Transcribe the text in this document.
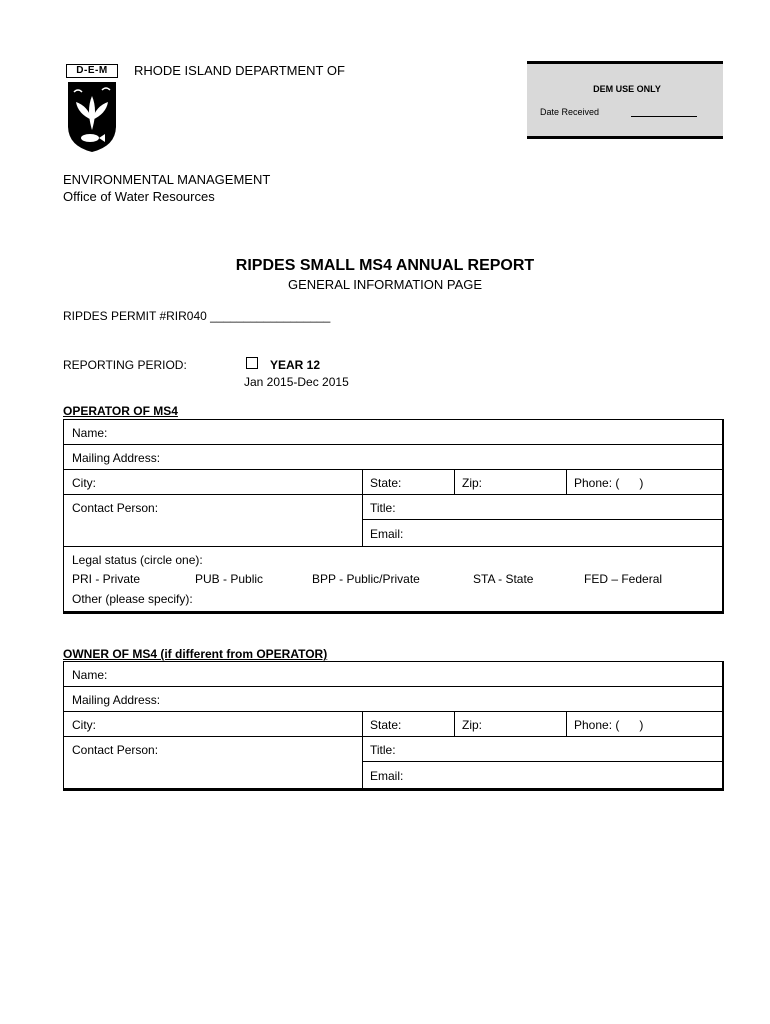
D-E-M	RHODE ISLAND DEPARTMENT OF
ENVIRONMENTAL MANAGEMENT
Office of Water Resources
DEM USE ONLY
Date Received
RIPDES SMALL MS4 ANNUAL REPORT
GENERAL INFORMATION PAGE
RIPDES PERMIT #RIR040 __________________
REPORTING PERIOD:	YEAR 12
Jan 2015-Dec 2015
OPERATOR OF MS4
Name:
Mailing Address:
City:	State:	Zip:	Phone: (      )
Contact Person:	Title:
Email:
Legal status (circle one):
PRI - Private	PUB - Public	BPP - Public/Private	STA - State	FED – Federal
Other (please specify):
OWNER OF MS4 (if different from OPERATOR)
Name:
Mailing Address:
City:	State:	Zip:	Phone: (      )
Contact Person:	Title:
Email:
